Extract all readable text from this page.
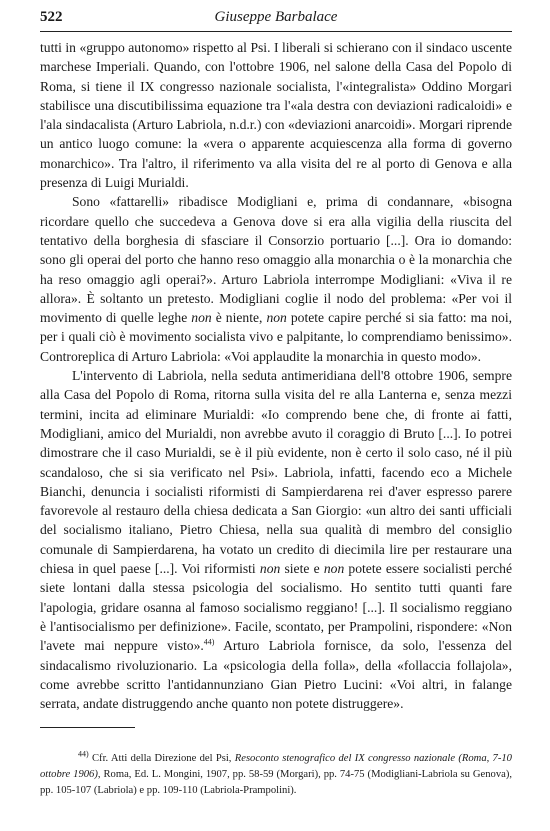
522	Giuseppe Barbalace

tutti in «gruppo autonomo» rispetto al Psi. I liberali si schierano con il sindaco uscente marchese Imperiali. Quando, con l'ottobre 1906, nel salone della Casa del Popolo di Roma, si tiene il IX congresso nazionale socialista, l'«integralista» Oddino Morgari stabilisce una discutibilissima equazione tra l'«ala destra con deviazioni radicaloidi» e l'ala sindacalista (Arturo Labriola, n.d.r.) con «deviazioni anarcoidi». Morgari riprende un antico luogo comune: la «vera o apparente acquiescenza alla forma di governo monarchico». Tra l'altro, il riferimento va alla visita del re al porto di Genova e alla presenza di Luigi Murialdi.

Sono «fattarelli» ribadisce Modigliani e, prima di condannare, «bisogna ricordare quello che succedeva a Genova dove si era alla vigilia della riuscita del tentativo della borghesia di sfasciare il Consorzio portuario [...]. Ora io domando: sono gli operai del porto che hanno reso omaggio alla monarchia o è la monarchia che ha reso omaggio agli operai?». Arturo Labriola interrompe Modigliani: «Viva il re allora». È soltanto un pretesto. Modigliani coglie il nodo del problema: «Per voi il movimento di quelle leghe non è niente, non potete capire perché si sia fatto: ma noi, per i quali ciò è movimento socialista vivo e palpitante, lo comprendiamo benissimo». Controreplica di Arturo Labriola: «Voi applaudite la monarchia in questo modo».

L'intervento di Labriola, nella seduta antimeridiana dell'8 ottobre 1906, sempre alla Casa del Popolo di Roma, ritorna sulla visita del re alla Lanterna e, senza mezzi termini, incita ad eliminare Murialdi: «Io comprendo bene che, di fronte ai fatti, Modigliani, amico del Murialdi, non avrebbe avuto il coraggio di Bruto [...]. Io potrei dimostrare che il caso Murialdi, se è il più evidente, non è certo il solo caso, né il più scandaloso, che si sia verificato nel Psi». Labriola, infatti, facendo eco a Michele Bianchi, denuncia i socialisti riformisti di Sampierdarena rei d'aver espresso parere favorevole al restauro della chiesa dedicata a San Giorgio: «un altro dei santi ufficiali del socialismo italiano, Pietro Chiesa, nella sua qualità di membro del consiglio comunale di Sampierdarena, ha votato un credito di diecimila lire per restaurare una chiesa in quel paese [...]. Voi riformisti non siete e non potete essere socialisti perché siete lontani dalla stessa psicologia del socialismo. Ho sentito tutti quanti fare l'apologia, gridare osanna al famoso socialismo reggiano! [...]. Il socialismo reggiano è l'antisocialismo per definizione». Facile, scontato, per Prampolini, rispondere: «Non l'avete mai neppure visto».$^{44)}$ Arturo Labriola fornisce, da solo, l'essenza del sindacalismo rivoluzionario. La «psicologia della folla», della «follaccia follajola», come avrebbe scritto l'antidannunziano Gian Pietro Lucini: «Voi altri, in falange serrata, andate distruggendo anche quanto non potete distruggere».

$^{44)}$ Cfr. Atti della Direzione del Psi, Resoconto stenografico del IX congresso nazionale (Roma, 7-10 ottobre 1906), Roma, Ed. L. Mongini, 1907, pp. 58-59 (Morgari), pp. 74-75 (Modigliani-Labriola su Genova), pp. 105-107 (Labriola) e pp. 109-110 (Labriola-Prampolini).
